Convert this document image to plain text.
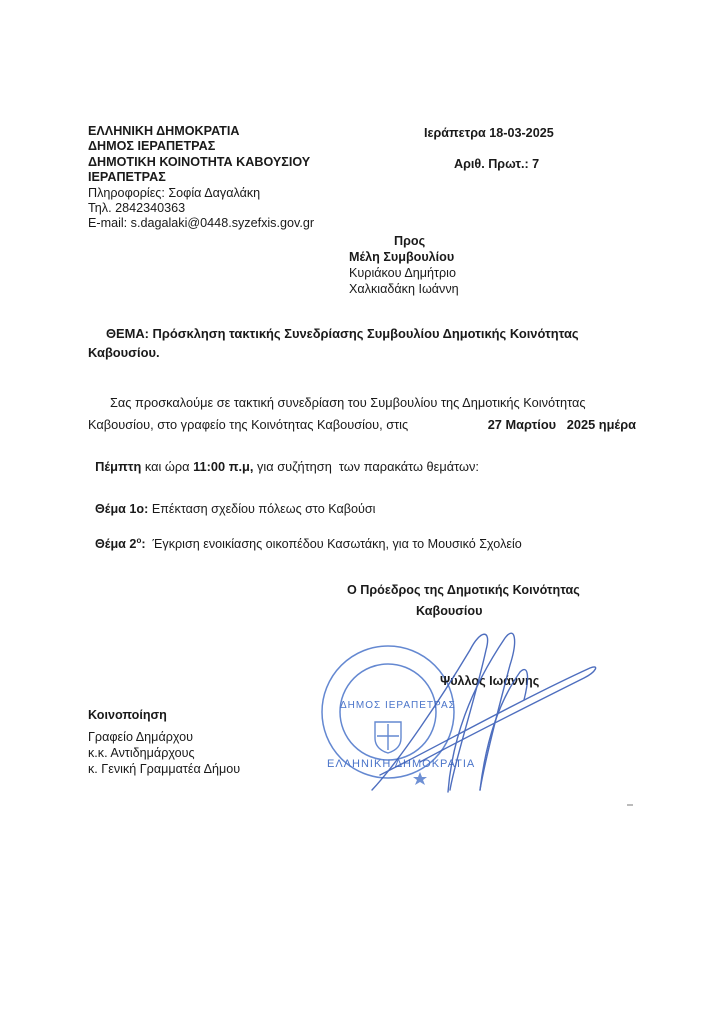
ΕΛΛΗΝΙΚΗ ΔΗΜΟΚΡΑΤΙΑ
ΔΗΜΟΣ ΙΕΡΑΠΕΤΡΑΣ
ΔΗΜΟΤΙΚΗ ΚΟΙΝΟΤΗΤΑ ΚΑΒΟΥΣΙΟΥ
ΙΕΡΑΠΕΤΡΑΣ
Πληροφορίες: Σοφία Δαγαλάκη
Τηλ. 2842340363
E-mail: s.dagalaki@0448.syzefxis.gov.gr
Ιεράπετρα 18-03-2025
Αριθ. Πρωτ.: 7
Προς
Μέλη Συμβουλίου
Κυριάκου Δημήτριο
Χαλκιαδάκη Ιωάννη
ΘΕΜΑ: Πρόσκληση τακτικής Συνεδρίασης Συμβουλίου Δημοτικής Κοινότητας
Καβουσίου.
Σας προσκαλούμε σε τακτική συνεδρίαση του Συμβουλίου της Δημοτικής Κοινότητας
Καβουσίου, στο γραφείο της Κοινότητας Καβουσίου, στις	27 Μαρτίου   2025 ημέρα

Πέμπτη και ώρα 11:00 π.μ, για συζήτηση  των παρακάτω θεμάτων:

Θέμα 1ο: Επέκταση σχεδίου πόλεως στο Καβούσι

Θέμα $2^o$:  Έγκριση ενοικίασης οικοπέδου Κασωτάκη, για το Μουσικό Σχολείο

Ο Πρόεδρος της Δημοτικής Κοινότητας
Καβουσίου
ΕΛΛΗΝΙΚΗ ΔΗΜΟΚΡΑΤΙΑ
ΔΗΜΟΣ ΙΕΡΑΠΕΤΡΑΣ
Ψύλλος Ιωάννης
Κοινοποίηση
Γραφείο Δημάρχου
κ.κ. Αντιδημάρχους
κ. Γενική Γραμματέα Δήμου
